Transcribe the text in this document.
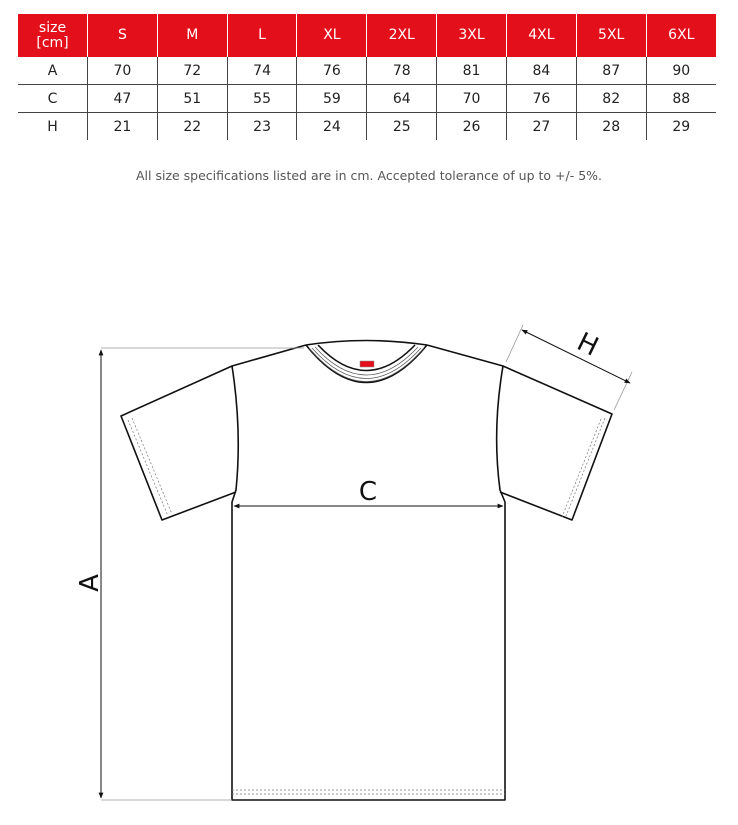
size
[cm]	S	M	L	XL	2XL	3XL	4XL	5XL	6XL
A	70	72	74	76	78	81	84	87	90
C	47	51	55	59	64	70	76	82	88
H	21	22	23	24	25	26	27	28	29
All size specifications listed are in cm. Accepted tolerance of up to +/- 5%.
A
C
H
